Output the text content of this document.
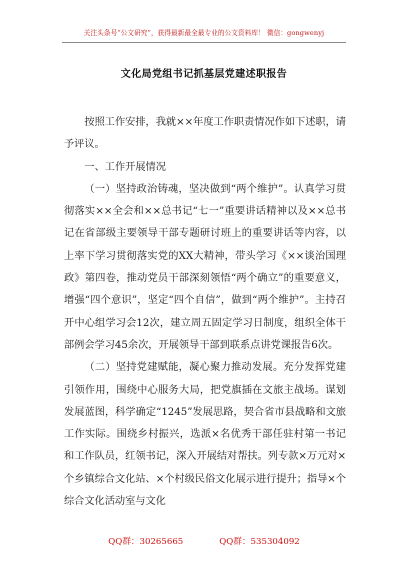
关注头条号“公文研究”，获得最新最全最专业的公文资料库！ 微信：gongwenyj
文化局党组书记抓基层党建述职报告

按照工作安排，我就××年度工作职责情况作如下述职，请予评议。

一、工作开展情况

（一）坚持政治铸魂，坚决做到“两个维护”。认真学习贯彻落实××全会和××总书记“七一”重要讲话精神以及××总书记在省部级主要领导干部专题研讨班上的重要讲话等内容，以上率下学习贯彻落实党的XX大精神，带头学习《××谈治国理政》第四卷，推动党员干部深刻领悟“两个确立”的重要意义，增强“四个意识”，坚定“四个自信”，做到“两个维护”。主持召开中心组学习会12次，建立周五固定学习日制度，组织全体干部例会学习45余次，开展领导干部到联系点讲党课报告6次。

（二）坚持党建赋能，凝心聚力推动发展。充分发挥党建引领作用，围绕中心服务大局，把党旗插在文旅主战场。谋划发展蓝图，科学确定“1245”发展思路，契合省市县战略和文旅工作实际。围绕乡村振兴，选派×名优秀干部任驻村第一书记和工作队员，红领书记，深入开展结对帮扶。列专款×万元对×个乡镇综合文化站、×个村级民俗文化展示进行提升；指导×个综合文化活动室与文化

QQ群：30265665	QQ群：535304092
